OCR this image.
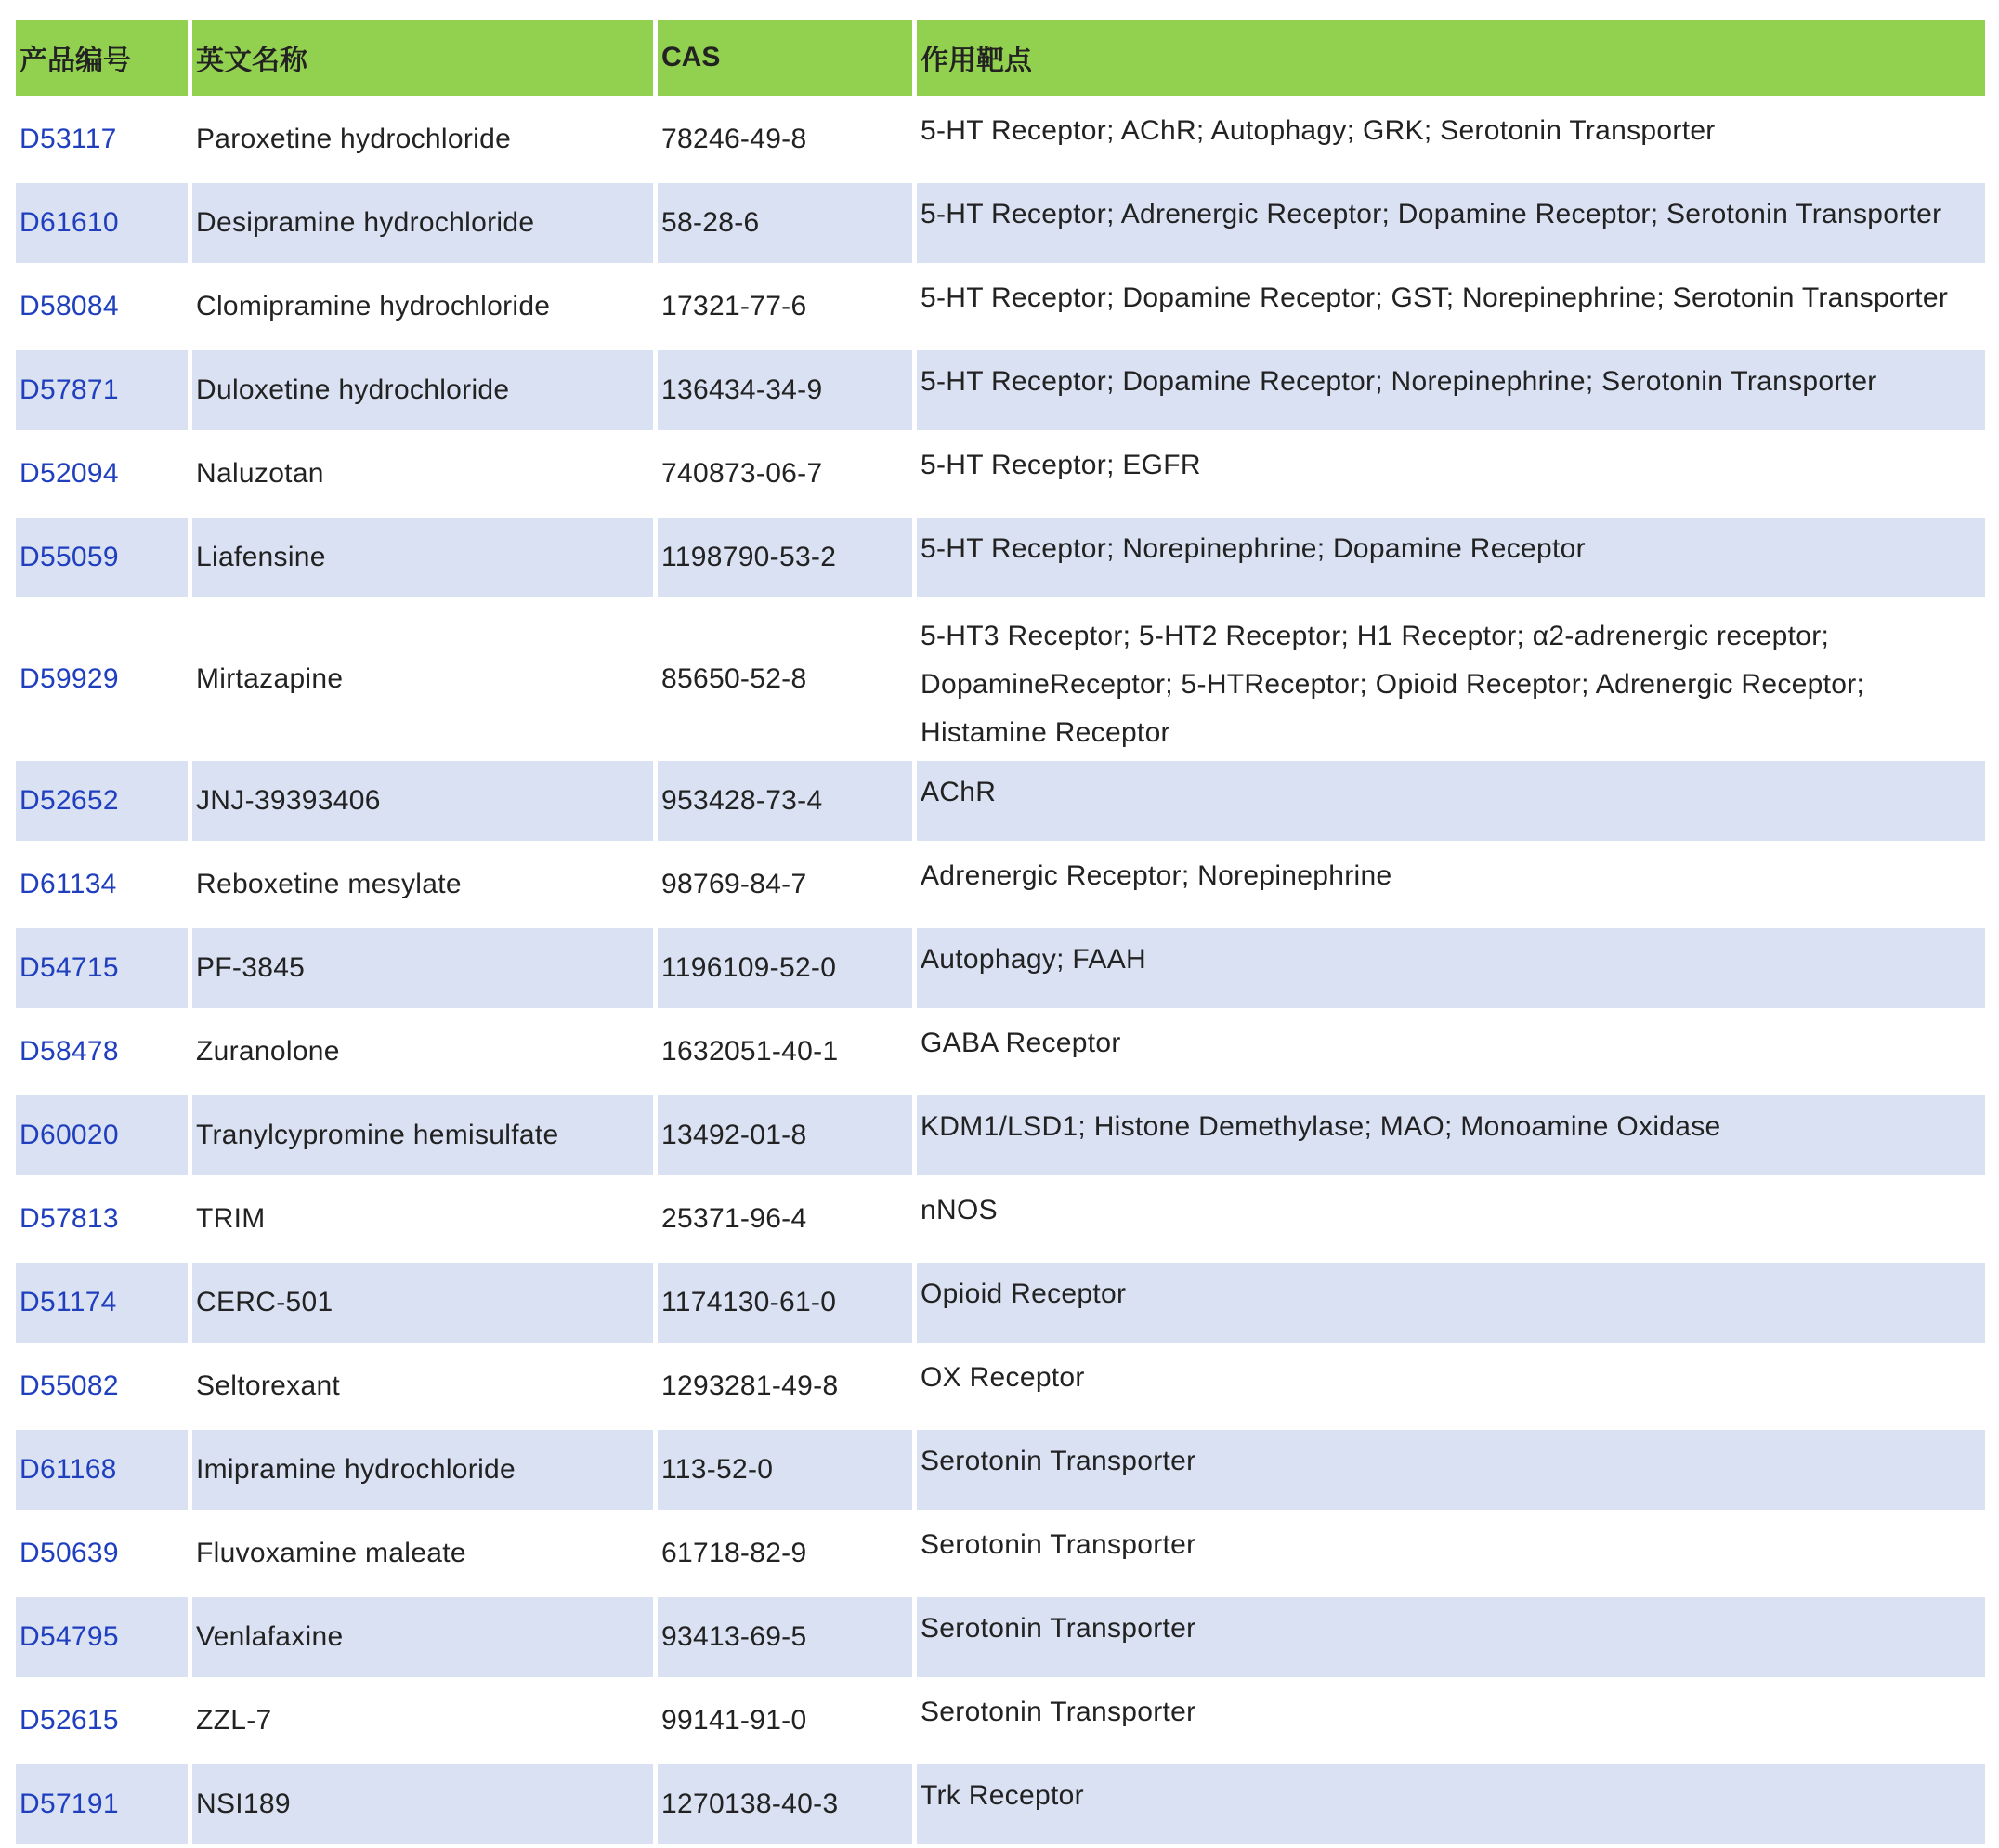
产品编号	英文名称	CAS	作用靶点
D53117	Paroxetine hydrochloride	78246-49-8	5-HT Receptor; AChR; Autophagy; GRK; Serotonin Transporter
D61610	Desipramine hydrochloride	58-28-6	5-HT Receptor; Adrenergic Receptor; Dopamine Receptor; Serotonin Transporter
D58084	Clomipramine hydrochloride	17321-77-6	5-HT Receptor; Dopamine Receptor; GST; Norepinephrine; Serotonin Transporter
D57871	Duloxetine hydrochloride	136434-34-9	5-HT Receptor; Dopamine Receptor; Norepinephrine; Serotonin Transporter
D52094	Naluzotan	740873-06-7	5-HT Receptor; EGFR
D55059	Liafensine	1198790-53-2	5-HT Receptor; Norepinephrine; Dopamine Receptor
D59929	Mirtazapine	85650-52-8	5-HT3 Receptor; 5-HT2 Receptor; H1 Receptor; α2-adrenergic receptor;
DopamineReceptor; 5-HTReceptor; Opioid Receptor; Adrenergic Receptor;
Histamine Receptor

D52652	JNJ-39393406	953428-73-4	AChR
D61134	Reboxetine mesylate	98769-84-7	Adrenergic Receptor; Norepinephrine
D54715	PF-3845	1196109-52-0	Autophagy; FAAH
D58478	Zuranolone	1632051-40-1	GABA Receptor
D60020	Tranylcypromine hemisulfate	13492-01-8	KDM1/LSD1; Histone Demethylase; MAO; Monoamine Oxidase
D57813	TRIM	25371-96-4	nNOS
D51174	CERC-501	1174130-61-0	Opioid Receptor
D55082	Seltorexant	1293281-49-8	OX Receptor
D61168	Imipramine hydrochloride	113-52-0	Serotonin Transporter
D50639	Fluvoxamine maleate	61718-82-9	Serotonin Transporter
D54795	Venlafaxine	93413-69-5	Serotonin Transporter
D52615	ZZL-7	99141-91-0	Serotonin Transporter
D57191	NSI189	1270138-40-3	Trk Receptor
